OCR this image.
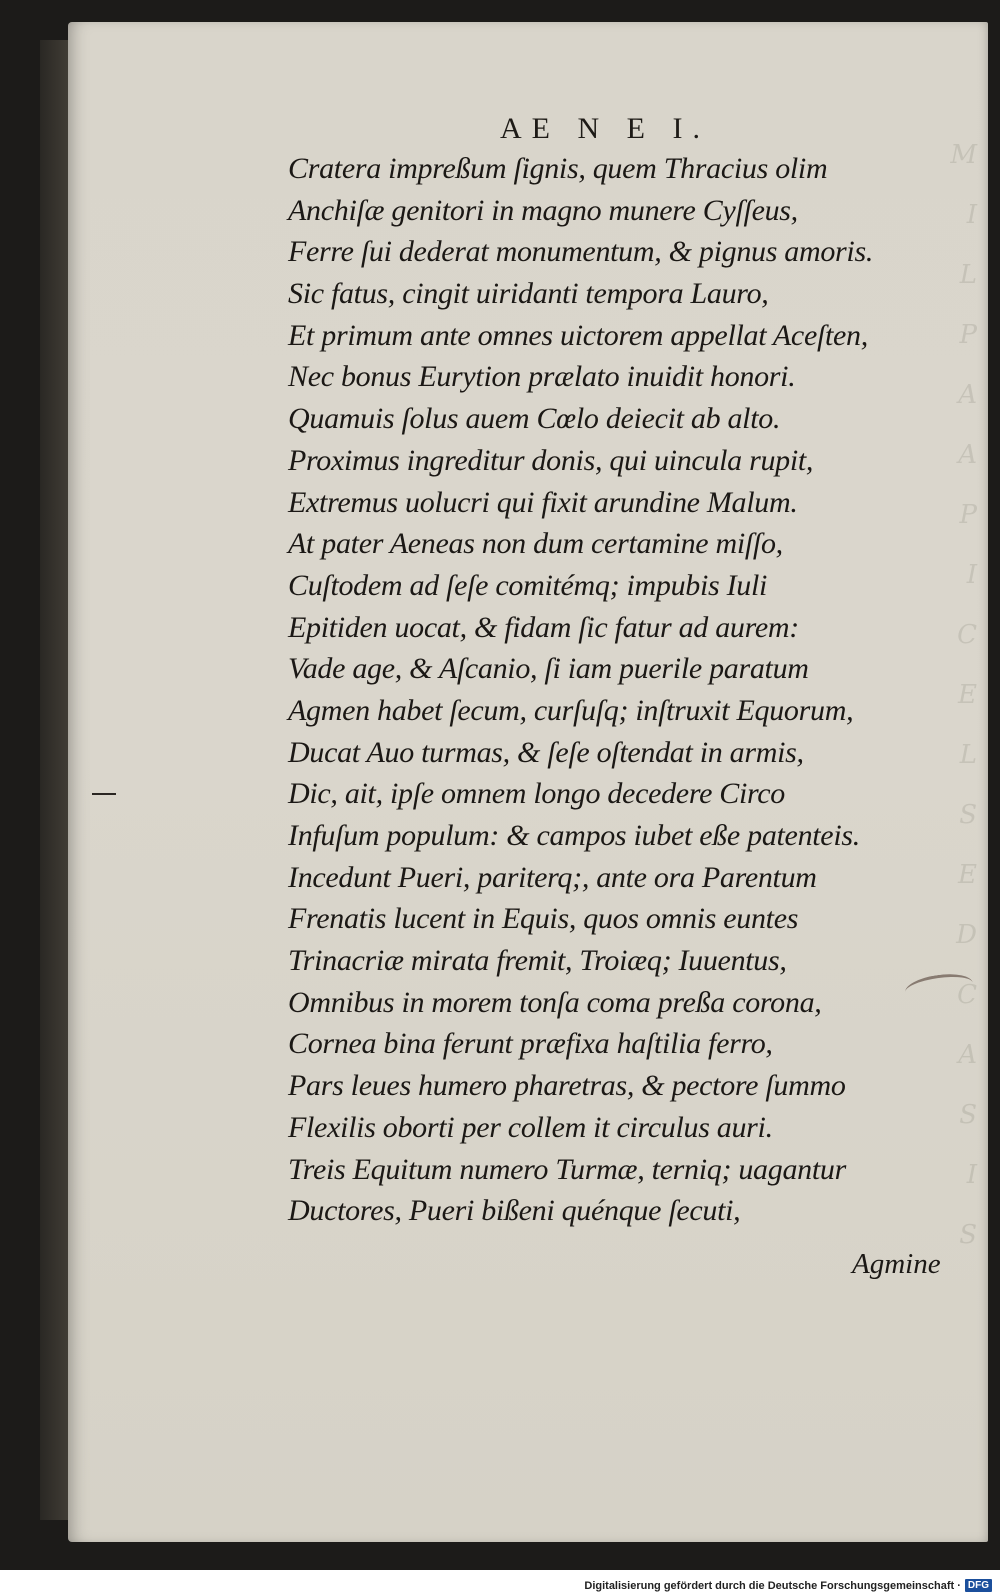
M
I
L
P
A
A
P
I
C
E
L
S
E
D
C
A
S
I
S
AE N E I.
Cratera impreßum ſignis, quem Thracius olim
Anchiſæ genitori in magno munere Cyſſeus,
Ferre ſui dederat monumentum, & pignus amoris.
Sic fatus, cingit uiridanti tempora Lauro,
Et primum ante omnes uictorem appellat Aceſten,
Nec bonus Eurytion prælato inuidit honori.
Quamuis ſolus auem Cœlo deiecit ab alto.
Proximus ingreditur donis, qui uincula rupit,
Extremus uolucri qui fixit arundine Malum.
At pater Aeneas non dum certamine miſſo,
Cuſtodem ad ſeſe comitémq; impubis Iuli
Epitiden uocat, & fidam ſic fatur ad aurem:
Vade age, & Aſcanio, ſi iam puerile paratum
Agmen habet ſecum, curſuſq; inſtruxit Equorum,
Ducat Auo turmas, & ſeſe oſtendat in armis,
Dic, ait, ipſe omnem longo decedere Circo
Infuſum populum: & campos iubet eße patenteis.
Incedunt Pueri, pariterq;, ante ora Parentum
Frenatis lucent in Equis, quos omnis euntes
Trinacriæ mirata fremit, Troiæq; Iuuentus,
Omnibus in morem tonſa coma preßa corona,
Cornea bina ferunt præfixa haſtilia ferro,
Pars leues humero pharetras, & pectore ſummo
Flexilis oborti per collem it circulus auri.
Treis Equitum numero Turmæ, terniq; uagantur
Ductores, Pueri bißeni quénque ſecuti,
Agmine
Digitalisierung gefördert durch die Deutsche Forschungsgemeinschaft · DFG
